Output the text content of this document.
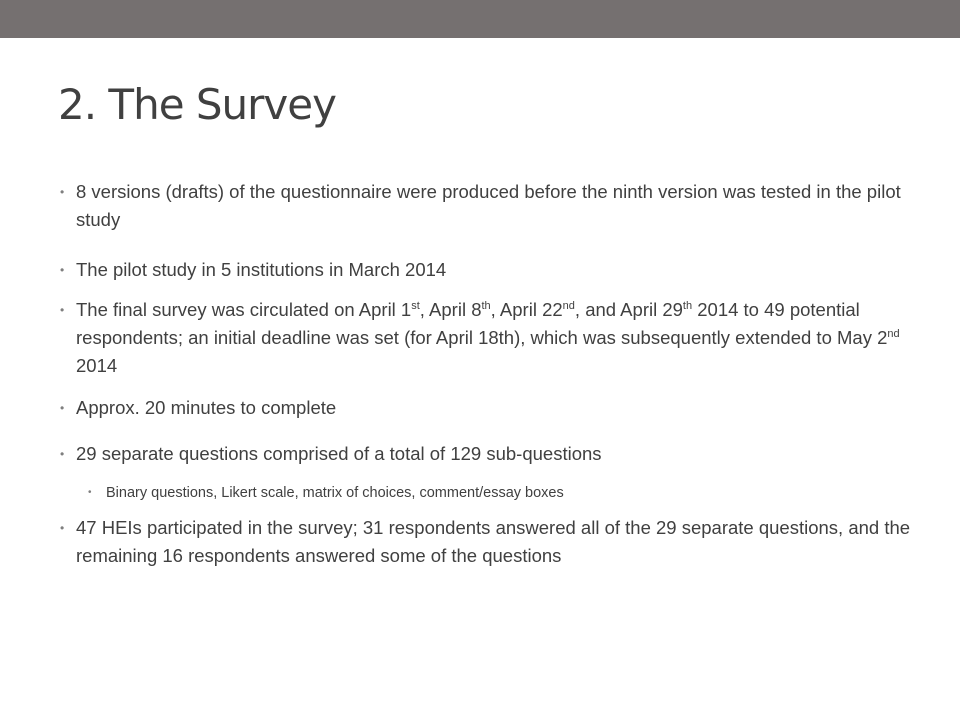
2. The Survey
• 8 versions (drafts) of the questionnaire were produced before the ninth version was tested in the pilot study
• The pilot study in 5 institutions in March 2014
• The final survey was circulated on April 1st, April 8th, April 22nd, and April 29th 2014 to 49 potential respondents; an initial deadline was set (for April 18th), which was subsequently extended to May 2nd 2014
• Approx. 20 minutes to complete
• 29 separate questions comprised of a total of 129 sub-questions
• Binary questions, Likert scale, matrix of choices, comment/essay boxes
• 47 HEIs participated in the survey; 31 respondents answered all of the 29 separate questions, and the remaining 16 respondents answered some of the questions
